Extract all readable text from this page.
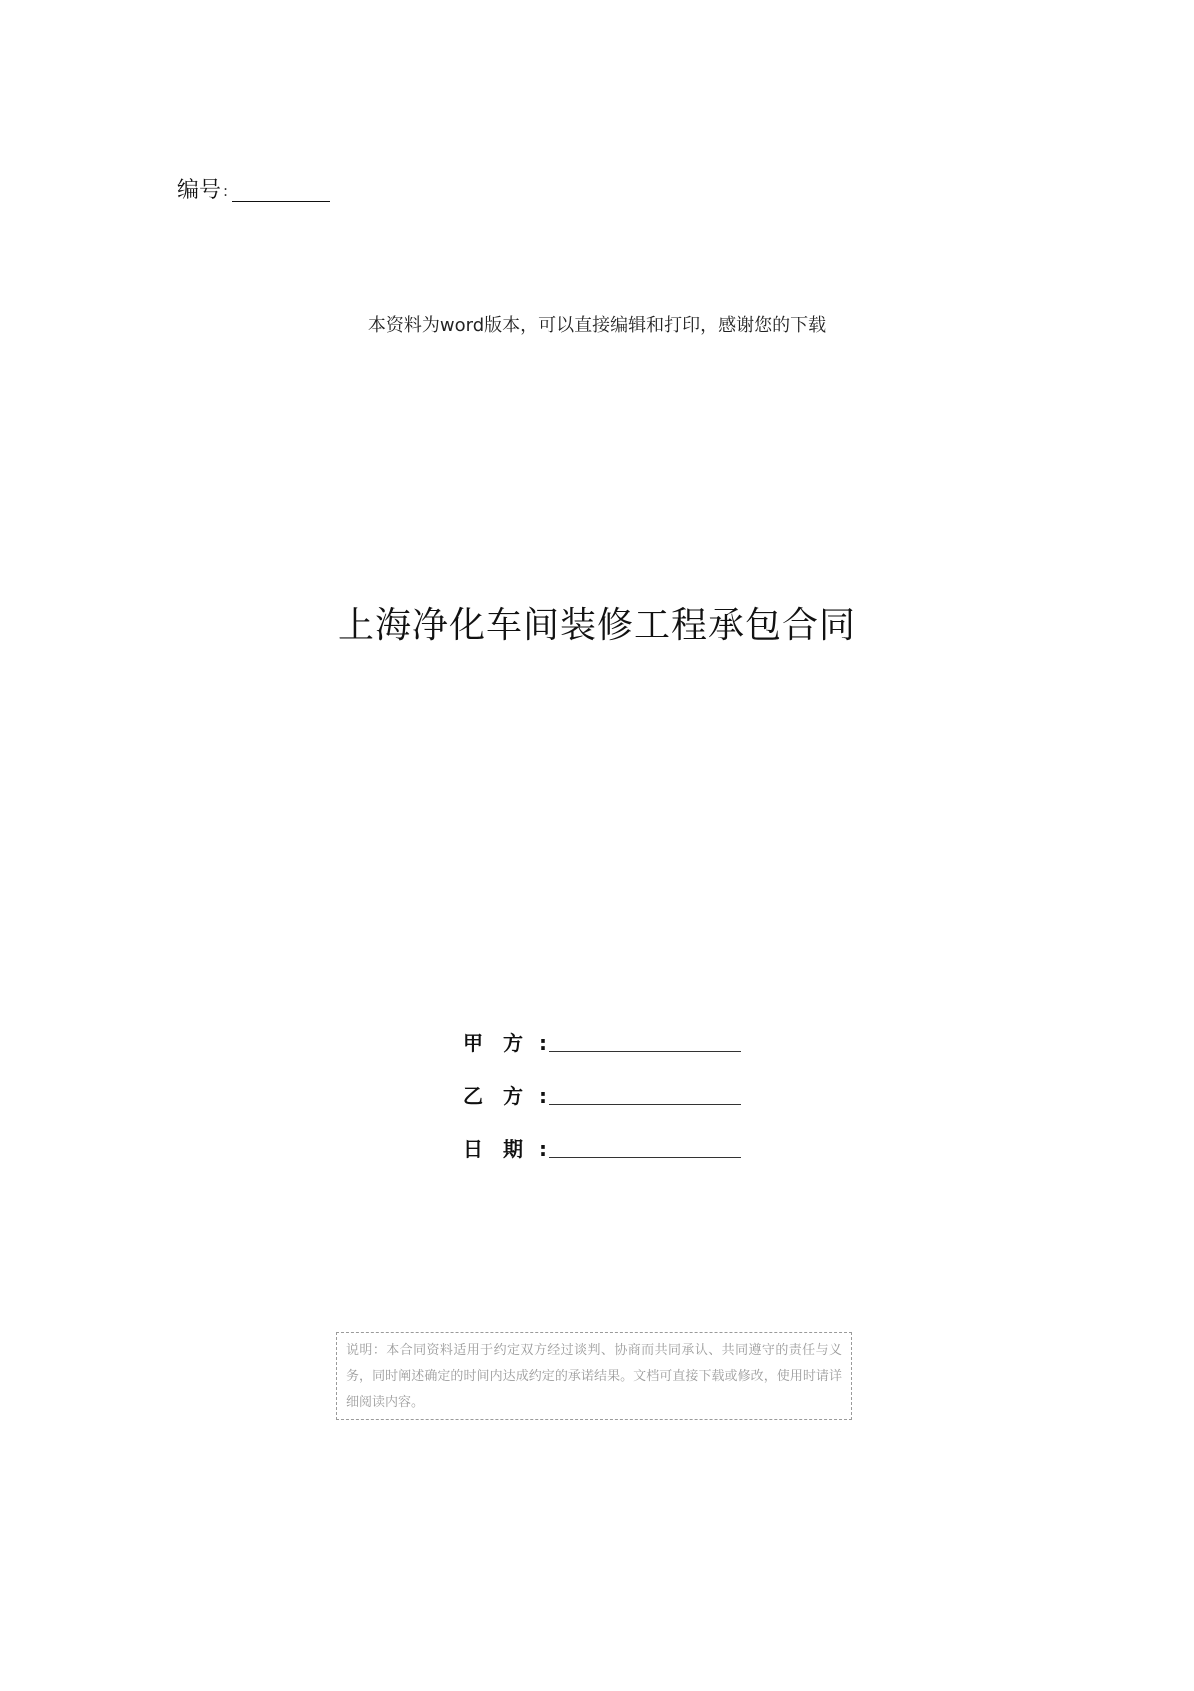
编号 :
本资料为word版本，可以直接编辑和打印，感谢您的下载
上海净化车间装修工程承包合同
甲　方 :
乙　方 :
日　期 :
说明：本合同资料适用于约定双方经过谈判、协商而共同承认、共同遵守的责任与义务，同时阐述确定的时间内达成约定的承诺结果。文档可直接下载或修改，使用时请详细阅读内容。
